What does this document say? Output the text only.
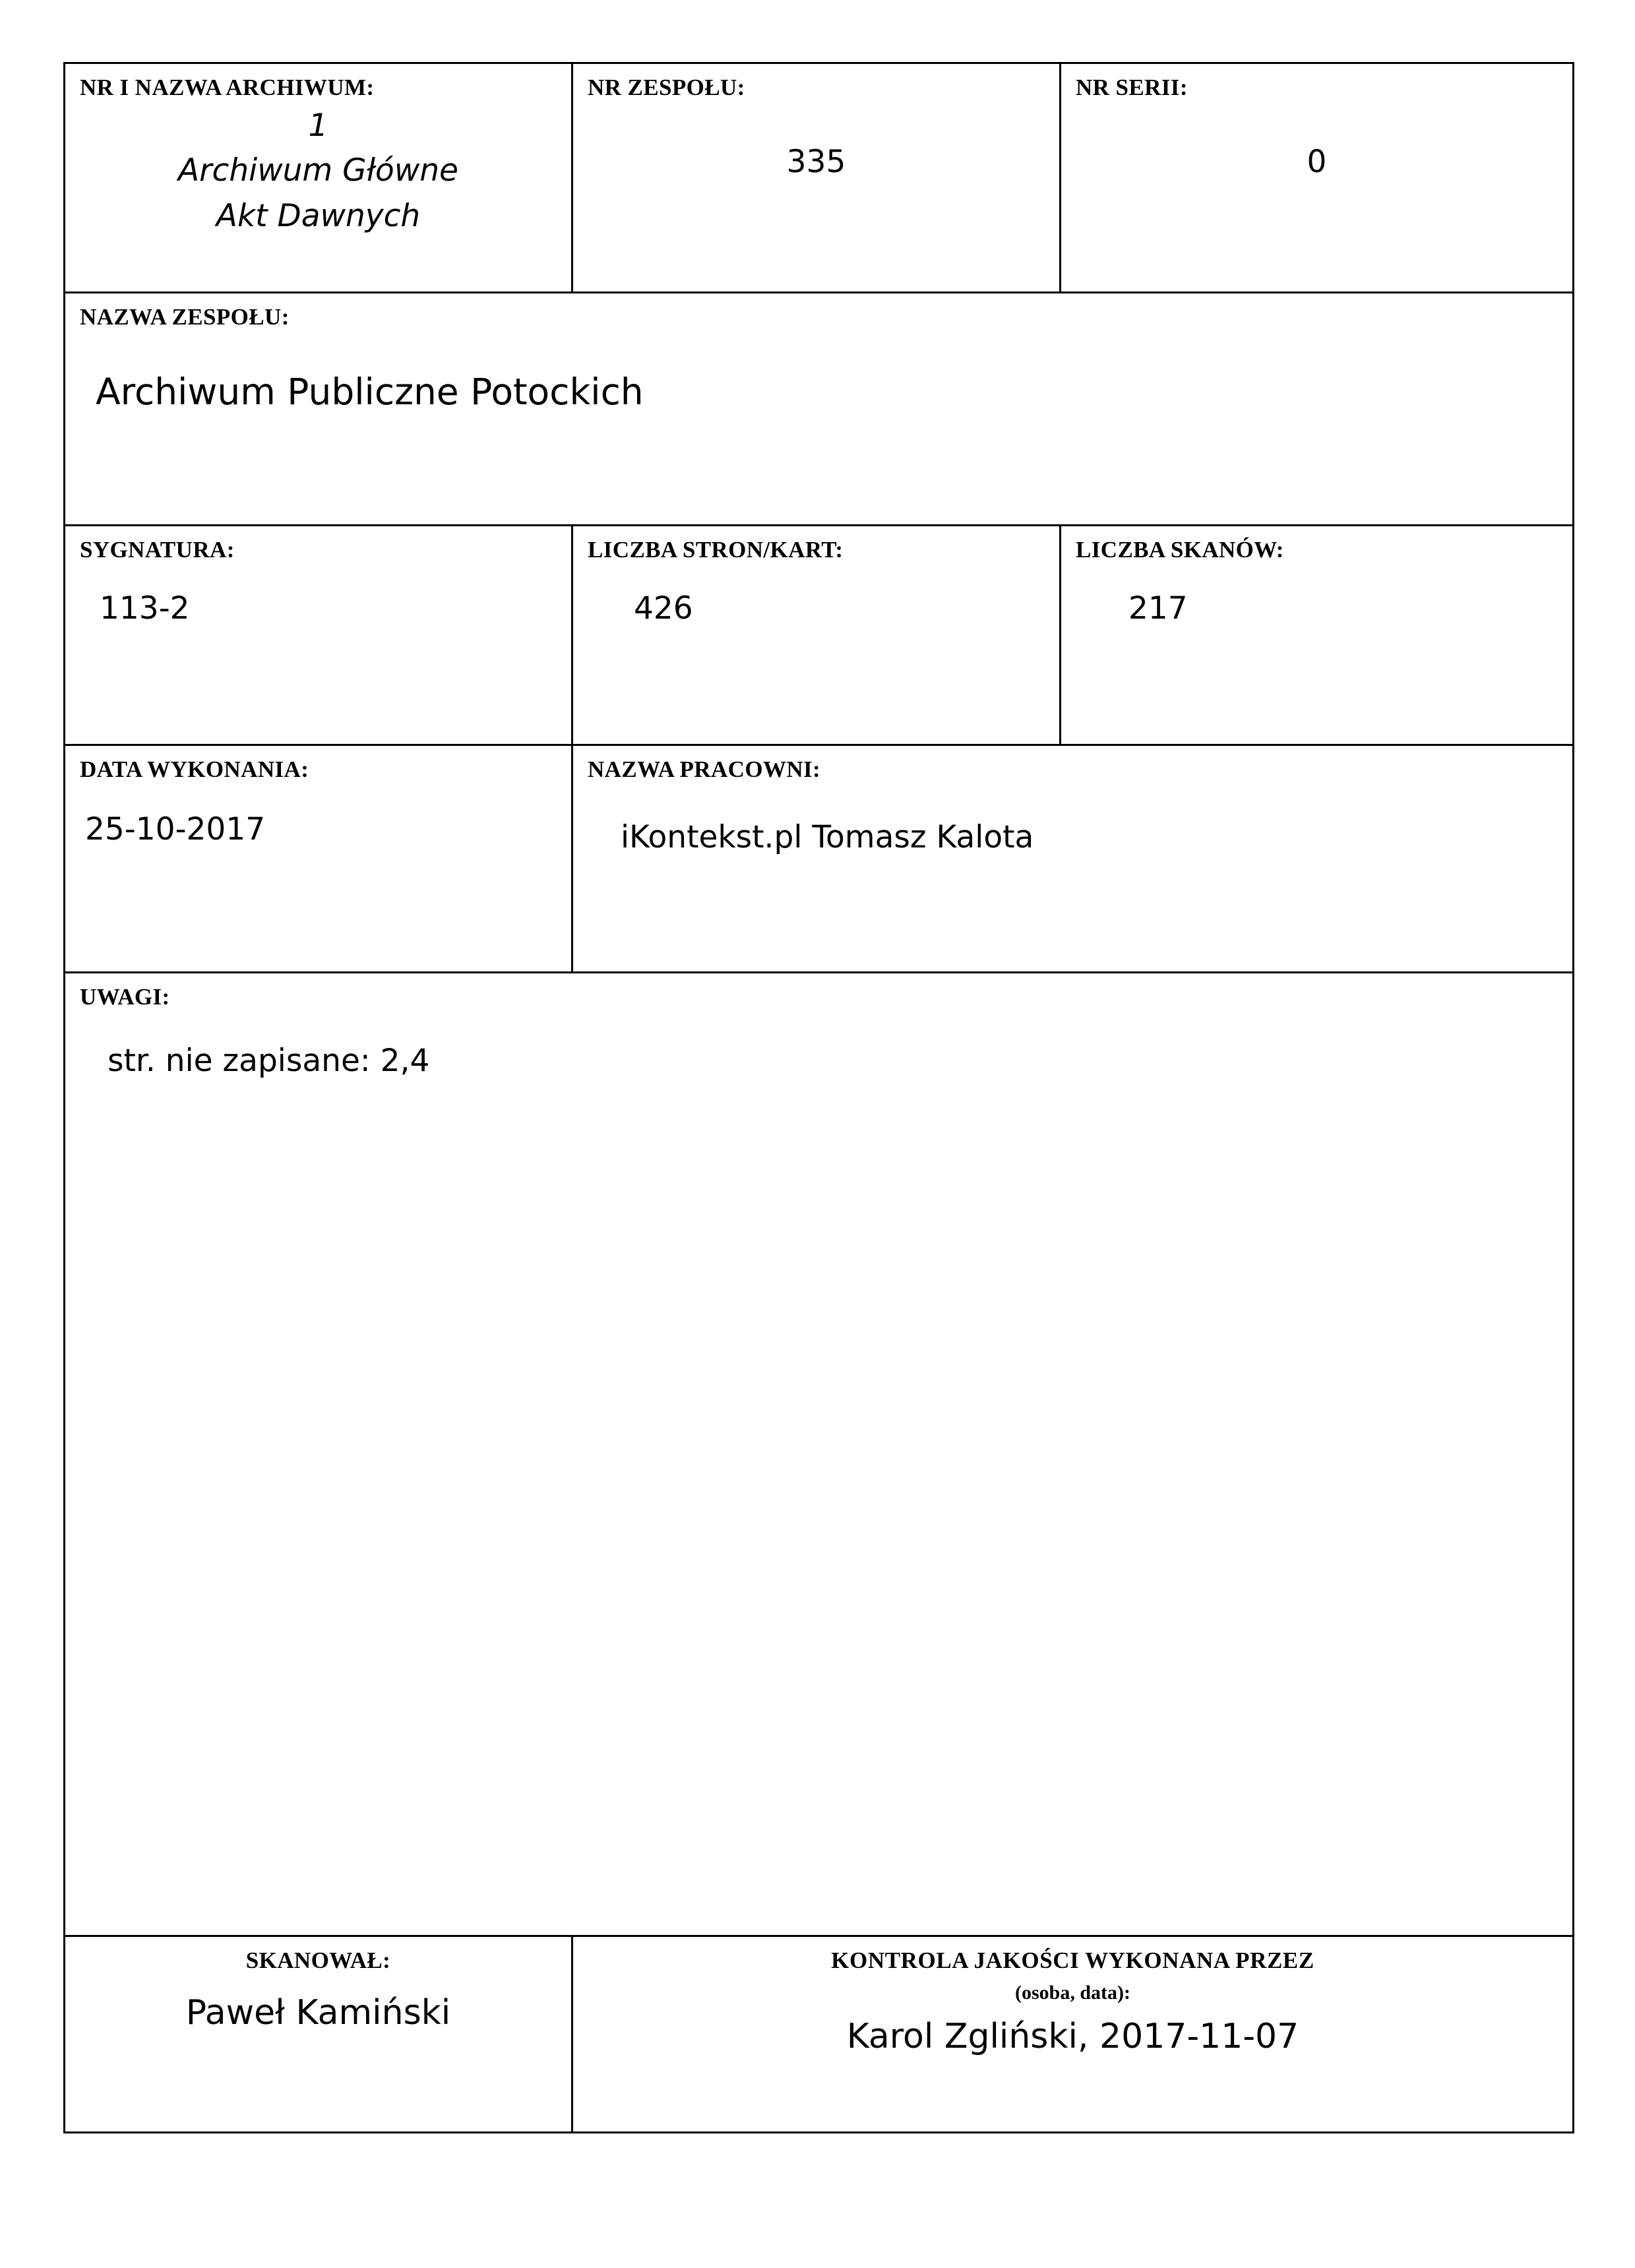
NR I NAZWA ARCHIWUM:
1
Archiwum Główne
Akt Dawnych

NR ZESPOŁU:
335

NR SERII:
0

NAZWA ZESPOŁU:
Archiwum Publiczne Potockich		

SYGNATURA:
113-2

LICZBA STRON/KART:
426

LICZBA SKANÓW:
217

DATA WYKONANIA:
25-10-2017

NAZWA PRACOWNI:
iKontekst.pl Tomasz Kalota

UWAGI:
str. nie zapisane: 2,4		

SKANOWAŁ:
Paweł Kamiński

KONTROLA JAKOŚCI WYKONANA PRZEZ
(osoba, data):
Karol Zgliński, 2017-11-07
